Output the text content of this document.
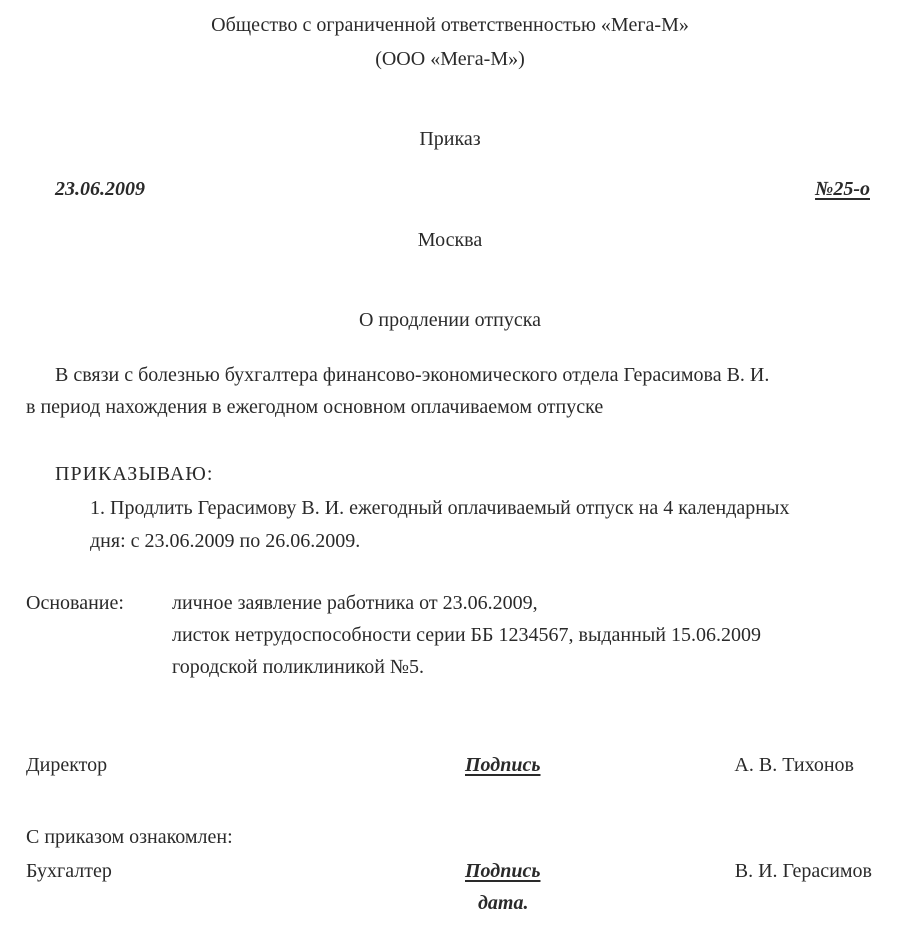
Общество с ограниченной ответственностью «Мега-М»
(ООО «Мега-М»)
Приказ
23.06.2009	№25-о
Москва
О продлении отпуска
В связи с болезнью бухгалтера финансово-экономического отдела Герасимова В. И.
в период нахождения в ежегодном основном оплачиваемом отпуске
ПРИКАЗЫВАЮ:
1. Продлить Герасимову В. И. ежегодный оплачиваемый отпуск на 4 календарных
дня: с 23.06.2009 по 26.06.2009.
Основание: личное заявление работника от 23.06.2009,
листок нетрудоспособности серии ББ 1234567, выданный 15.06.2009
городской поликлиникой №5.
Директор	Подпись	А. В. Тихонов
С приказом ознакомлен:
Бухгалтер	Подпись	В. И. Герасимов
дата.
